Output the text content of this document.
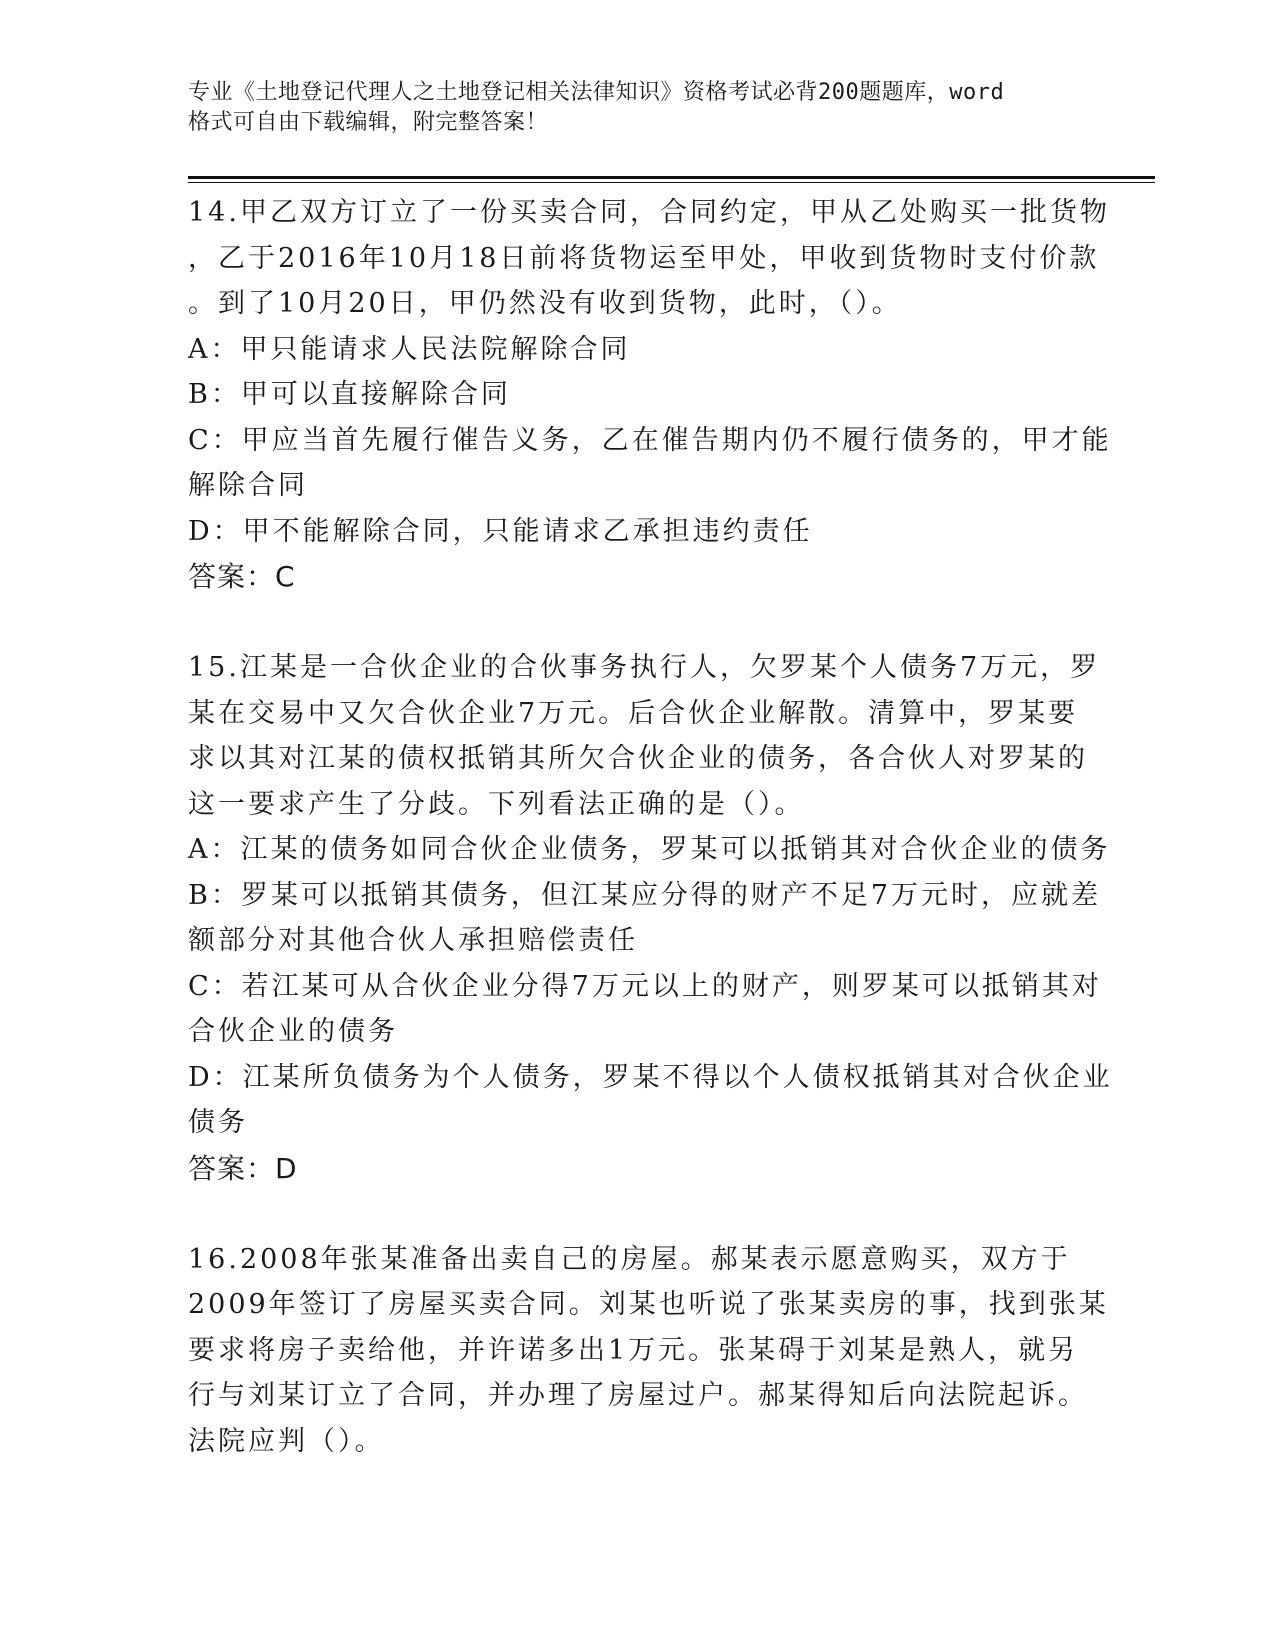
专业《土地登记代理人之土地登记相关法律知识》资格考试必背200题题库，word
格式可自由下载编辑，附完整答案！
14.甲乙双方订立了一份买卖合同，合同约定，甲从乙处购买一批货物
，乙于2016年10月18日前将货物运至甲处，甲收到货物时支付价款
。到了10月20日，甲仍然没有收到货物，此时，（）。
A：甲只能请求人民法院解除合同
B：甲可以直接解除合同
C：甲应当首先履行催告义务，乙在催告期内仍不履行债务的，甲才能
解除合同
D：甲不能解除合同，只能请求乙承担违约责任
答案：C
15.江某是一合伙企业的合伙事务执行人，欠罗某个人债务7万元，罗
某在交易中又欠合伙企业7万元。后合伙企业解散。清算中，罗某要
求以其对江某的债权抵销其所欠合伙企业的债务，各合伙人对罗某的
这一要求产生了分歧。下列看法正确的是（）。
A：江某的债务如同合伙企业债务，罗某可以抵销其对合伙企业的债务
B：罗某可以抵销其债务，但江某应分得的财产不足7万元时，应就差
额部分对其他合伙人承担赔偿责任
C：若江某可从合伙企业分得7万元以上的财产，则罗某可以抵销其对
合伙企业的债务
D：江某所负债务为个人债务，罗某不得以个人债权抵销其对合伙企业
债务
答案：D
16.2008年张某准备出卖自己的房屋。郝某表示愿意购买，双方于
2009年签订了房屋买卖合同。刘某也听说了张某卖房的事，找到张某
要求将房子卖给他，并许诺多出1万元。张某碍于刘某是熟人，就另
行与刘某订立了合同，并办理了房屋过户。郝某得知后向法院起诉。
法院应判（）。
